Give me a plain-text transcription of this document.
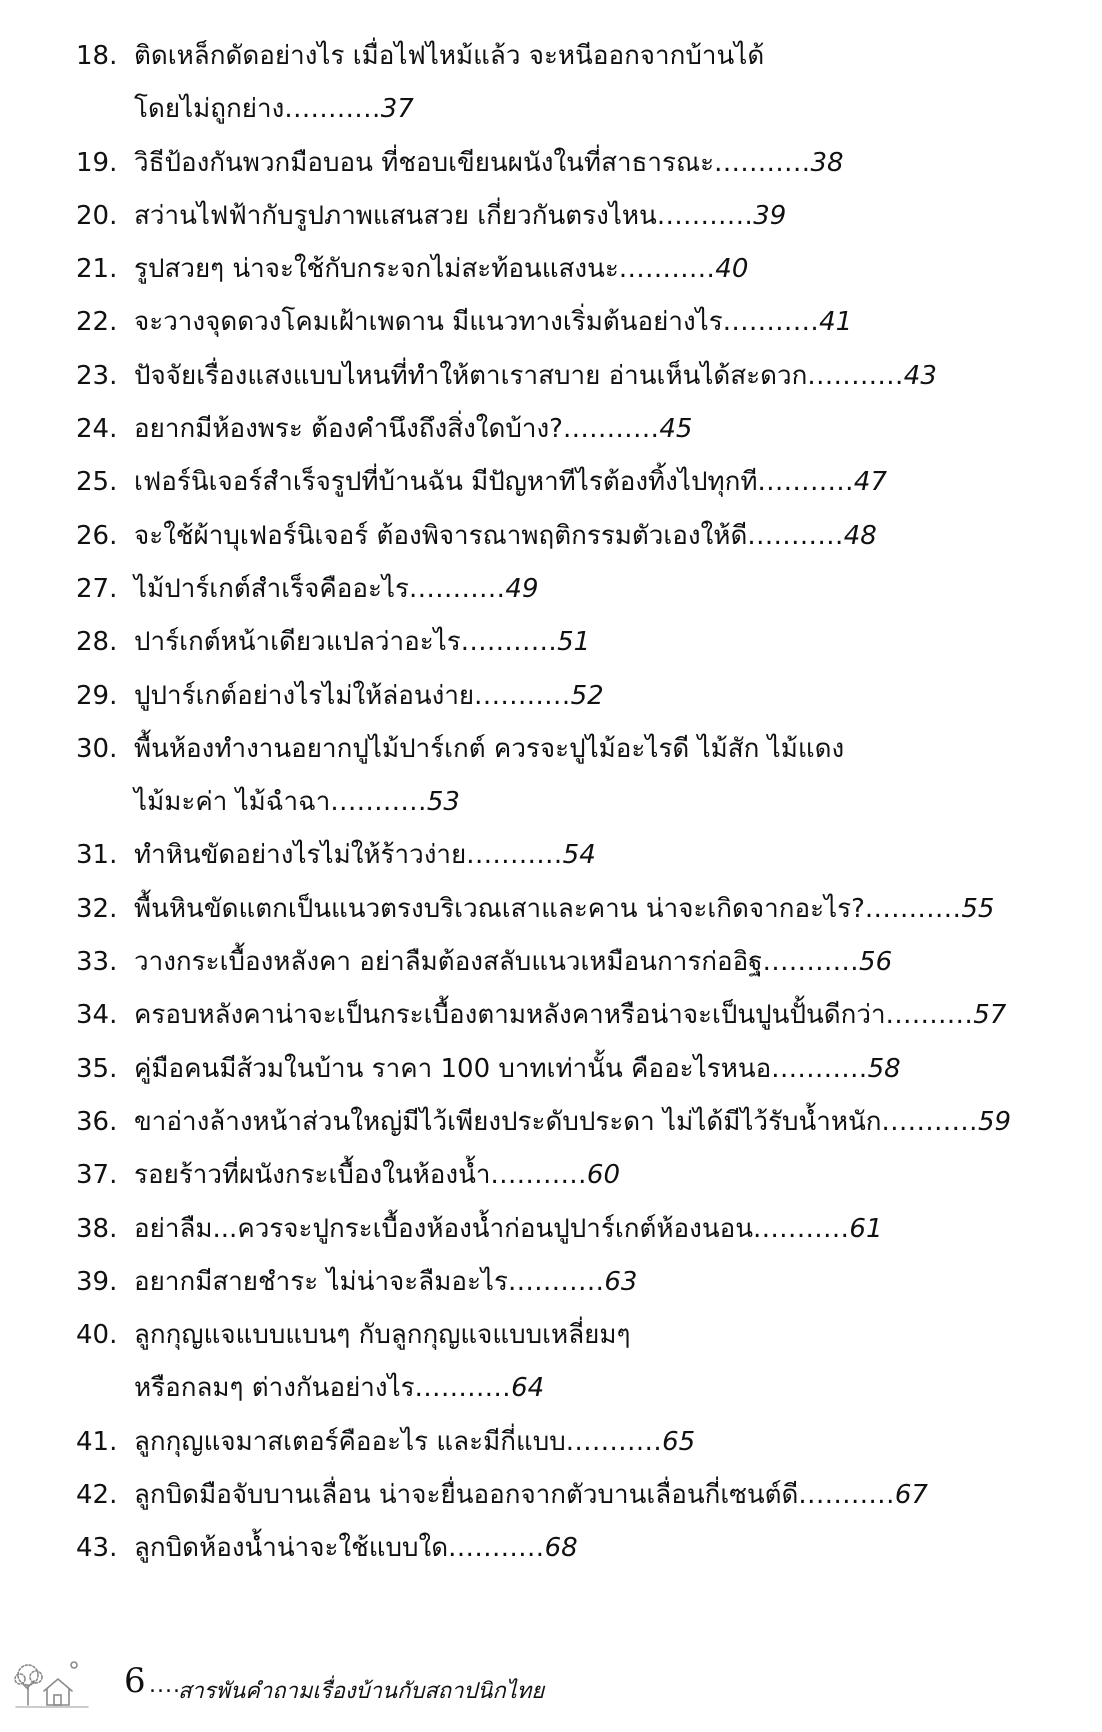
18. ติดเหล็กดัดอย่างไร เมื่อไฟไหม้แล้ว จะหนีออกจากบ้านได้
โดยไม่ถูกย่าง...........37
19. วิธีป้องกันพวกมือบอน ที่ชอบเขียนผนังในที่สาธารณะ...........38
20. สว่านไฟฟ้ากับรูปภาพแสนสวย เกี่ยวกันตรงไหน...........39
21. รูปสวยๆ น่าจะใช้กับกระจกไม่สะท้อนแสงนะ...........40
22. จะวางจุดดวงโคมเฝ้าเพดาน มีแนวทางเริ่มต้นอย่างไร...........41
23. ปัจจัยเรื่องแสงแบบไหนที่ทำให้ตาเราสบาย อ่านเห็นได้สะดวก...........43
24. อยากมีห้องพระ ต้องคำนึงถึงสิ่งใดบ้าง?...........45
25. เฟอร์นิเจอร์สำเร็จรูปที่บ้านฉัน มีปัญหาทีไรต้องทิ้งไปทุกที...........47
26. จะใช้ผ้าบุเฟอร์นิเจอร์ ต้องพิจารณาพฤติกรรมตัวเองให้ดี...........48
27. ไม้ปาร์เกต์สำเร็จคืออะไร...........49
28. ปาร์เกต์หน้าเดียวแปลว่าอะไร...........51
29. ปูปาร์เกต์อย่างไรไม่ให้ล่อนง่าย...........52
30. พื้นห้องทำงานอยากปูไม้ปาร์เกต์ ควรจะปูไม้อะไรดี ไม้สัก ไม้แดง
ไม้มะค่า ไม้ฉำฉา...........53
31. ทำหินขัดอย่างไรไม่ให้ร้าวง่าย...........54
32. พื้นหินขัดแตกเป็นแนวตรงบริเวณเสาและคาน น่าจะเกิดจากอะไร?...........55
33. วางกระเบื้องหลังคา อย่าลืมต้องสลับแนวเหมือนการก่ออิฐ...........56
34. ครอบหลังคาน่าจะเป็นกระเบื้องตามหลังคาหรือน่าจะเป็นปูนปั้นดีกว่า..........57
35. คู่มือคนมีส้วมในบ้าน ราคา 100 บาทเท่านั้น คืออะไรหนอ...........58
36. ขาอ่างล้างหน้าส่วนใหญ่มีไว้เพียงประดับประดา ไม่ได้มีไว้รับน้ำหนัก...........59
37. รอยร้าวที่ผนังกระเบื้องในห้องน้ำ...........60
38. อย่าลืม...ควรจะปูกระเบื้องห้องน้ำก่อนปูปาร์เกต์ห้องนอน...........61
39. อยากมีสายชำระ ไม่น่าจะลืมอะไร...........63
40. ลูกกุญแจแบบแบนๆ กับลูกกุญแจแบบเหลี่ยมๆ
หรือกลมๆ ต่างกันอย่างไร...........64
41. ลูกกุญแจมาสเตอร์คืออะไร และมีกี่แบบ...........65
42. ลูกบิดมือจับบานเลื่อน น่าจะยื่นออกจากตัวบานเลื่อนกี่เซนต์ดี...........67
43. ลูกบิดห้องน้ำน่าจะใช้แบบใด...........68
6 ....
สารพันคำถามเรื่องบ้านกับสถาปนิกไทย
